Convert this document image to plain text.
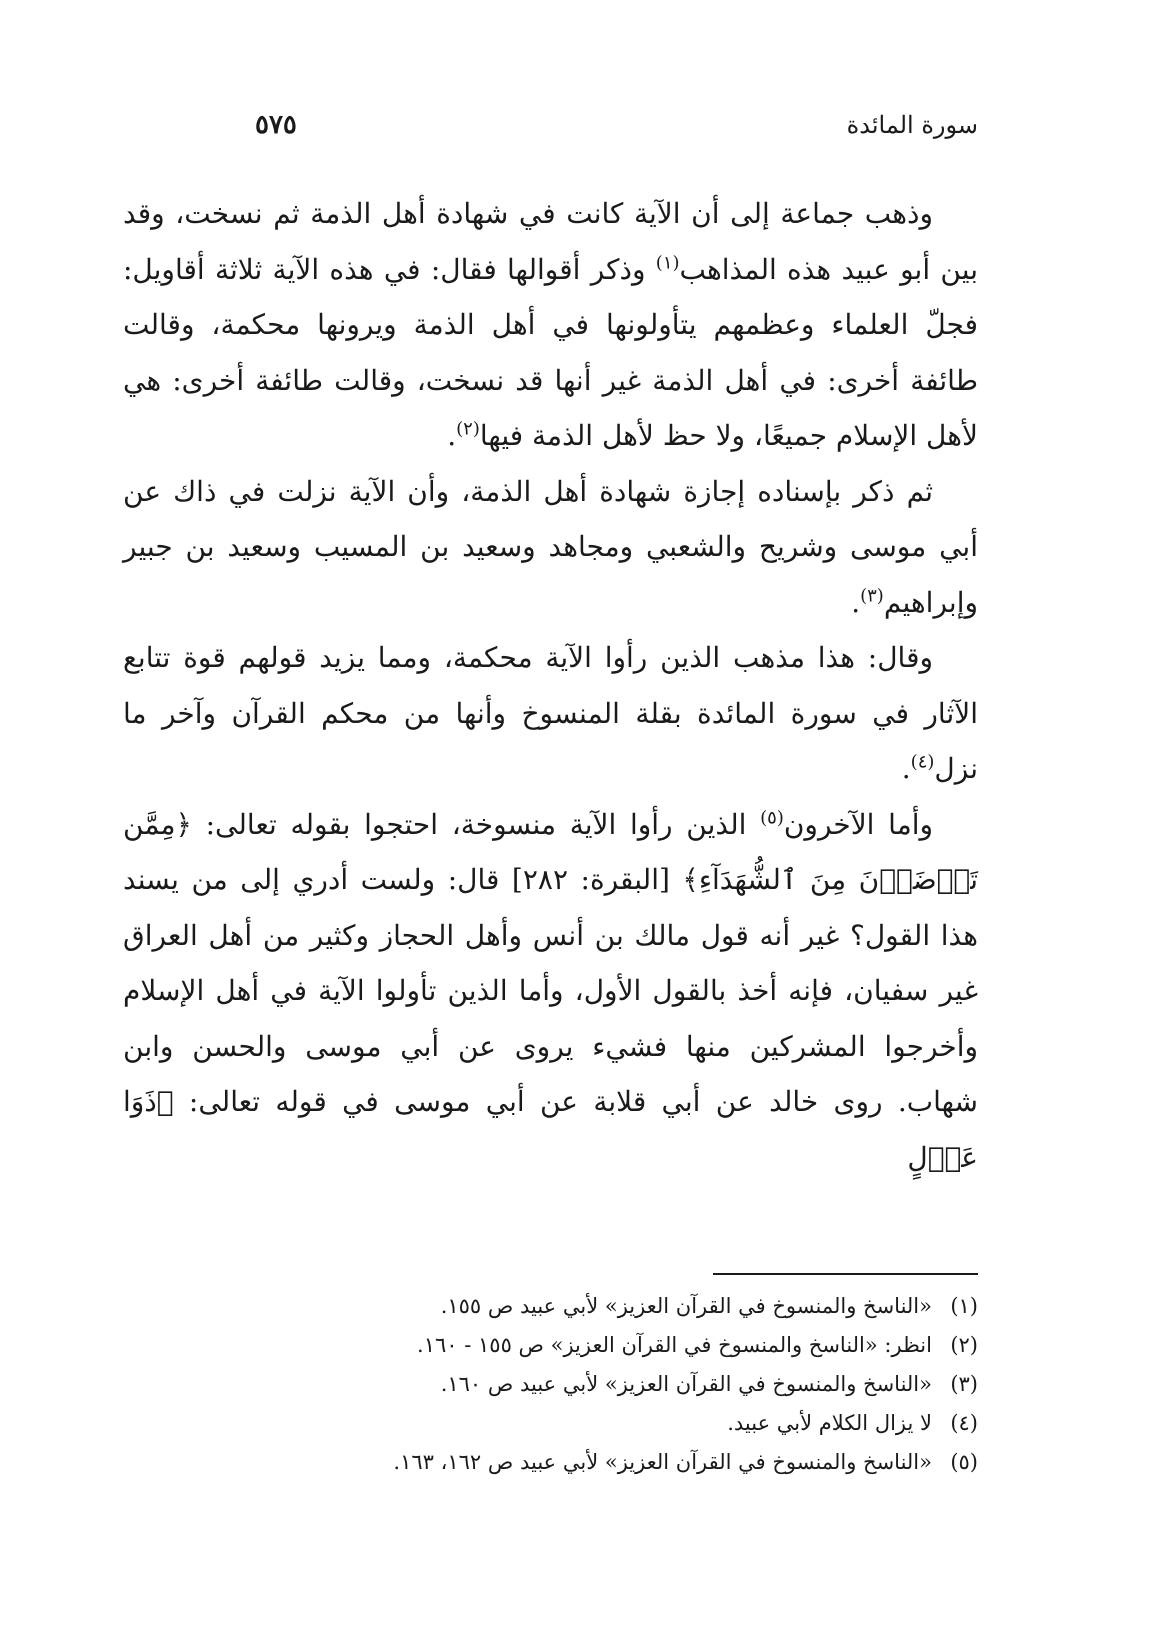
سورة المائدة
٥٧٥

وذهب جماعة إلى أن الآية كانت في شهادة أهل الذمة ثم نسخت، وقد بين أبو عبيد هذه المذاهب$^{(١)}$ وذكر أقوالها فقال: في هذه الآية ثلاثة أقاويل: فجلّ العلماء وعظمهم يتأولونها في أهل الذمة ويرونها محكمة، وقالت طائفة أخرى: في أهل الذمة غير أنها قد نسخت، وقالت طائفة أخرى: هي لأهل الإسلام جميعًا، ولا حظ لأهل الذمة فيها$^{(٢)}$.

ثم ذكر بإسناده إجازة شهادة أهل الذمة، وأن الآية نزلت في ذاك عن أبي موسى وشريح والشعبي ومجاهد وسعيد بن المسيب وسعيد بن جبير وإبراهيم$^{(٣)}$.

وقال: هذا مذهب الذين رأوا الآية محكمة، ومما يزيد قولهم قوة تتابع الآثار في سورة المائدة بقلة المنسوخ وأنها من محكم القرآن وآخر ما نزل$^{(٤)}$.

وأما الآخرون$^{(٥)}$ الذين رأوا الآية منسوخة، احتجوا بقوله تعالى: ﴿مِمَّن تَرۡضَوۡنَ مِنَ ٱلشُّهَدَآءِ﴾ [البقرة: ٢٨٢] قال: ولست أدري إلى من يسند هذا القول؟ غير أنه قول مالك بن أنس وأهل الحجاز وكثير من أهل العراق غير سفيان، فإنه أخذ بالقول الأول، وأما الذين تأولوا الآية في أهل الإسلام وأخرجوا المشركين منها فشيء يروى عن أبي موسى والحسن وابن شهاب. روى خالد عن أبي قلابة عن أبي موسى في قوله تعالى: ﴿ذَوَا عَدۡلٍ

(١)«الناسخ والمنسوخ في القرآن العزيز» لأبي عبيد ص ١٥٥.
(٢)انظر: «الناسخ والمنسوخ في القرآن العزيز» ص ١٥٥ - ١٦٠.
(٣)«الناسخ والمنسوخ في القرآن العزيز» لأبي عبيد ص ١٦٠.
(٤)لا يزال الكلام لأبي عبيد.
(٥)«الناسخ والمنسوخ في القرآن العزيز» لأبي عبيد ص ١٦٢، ١٦٣.
